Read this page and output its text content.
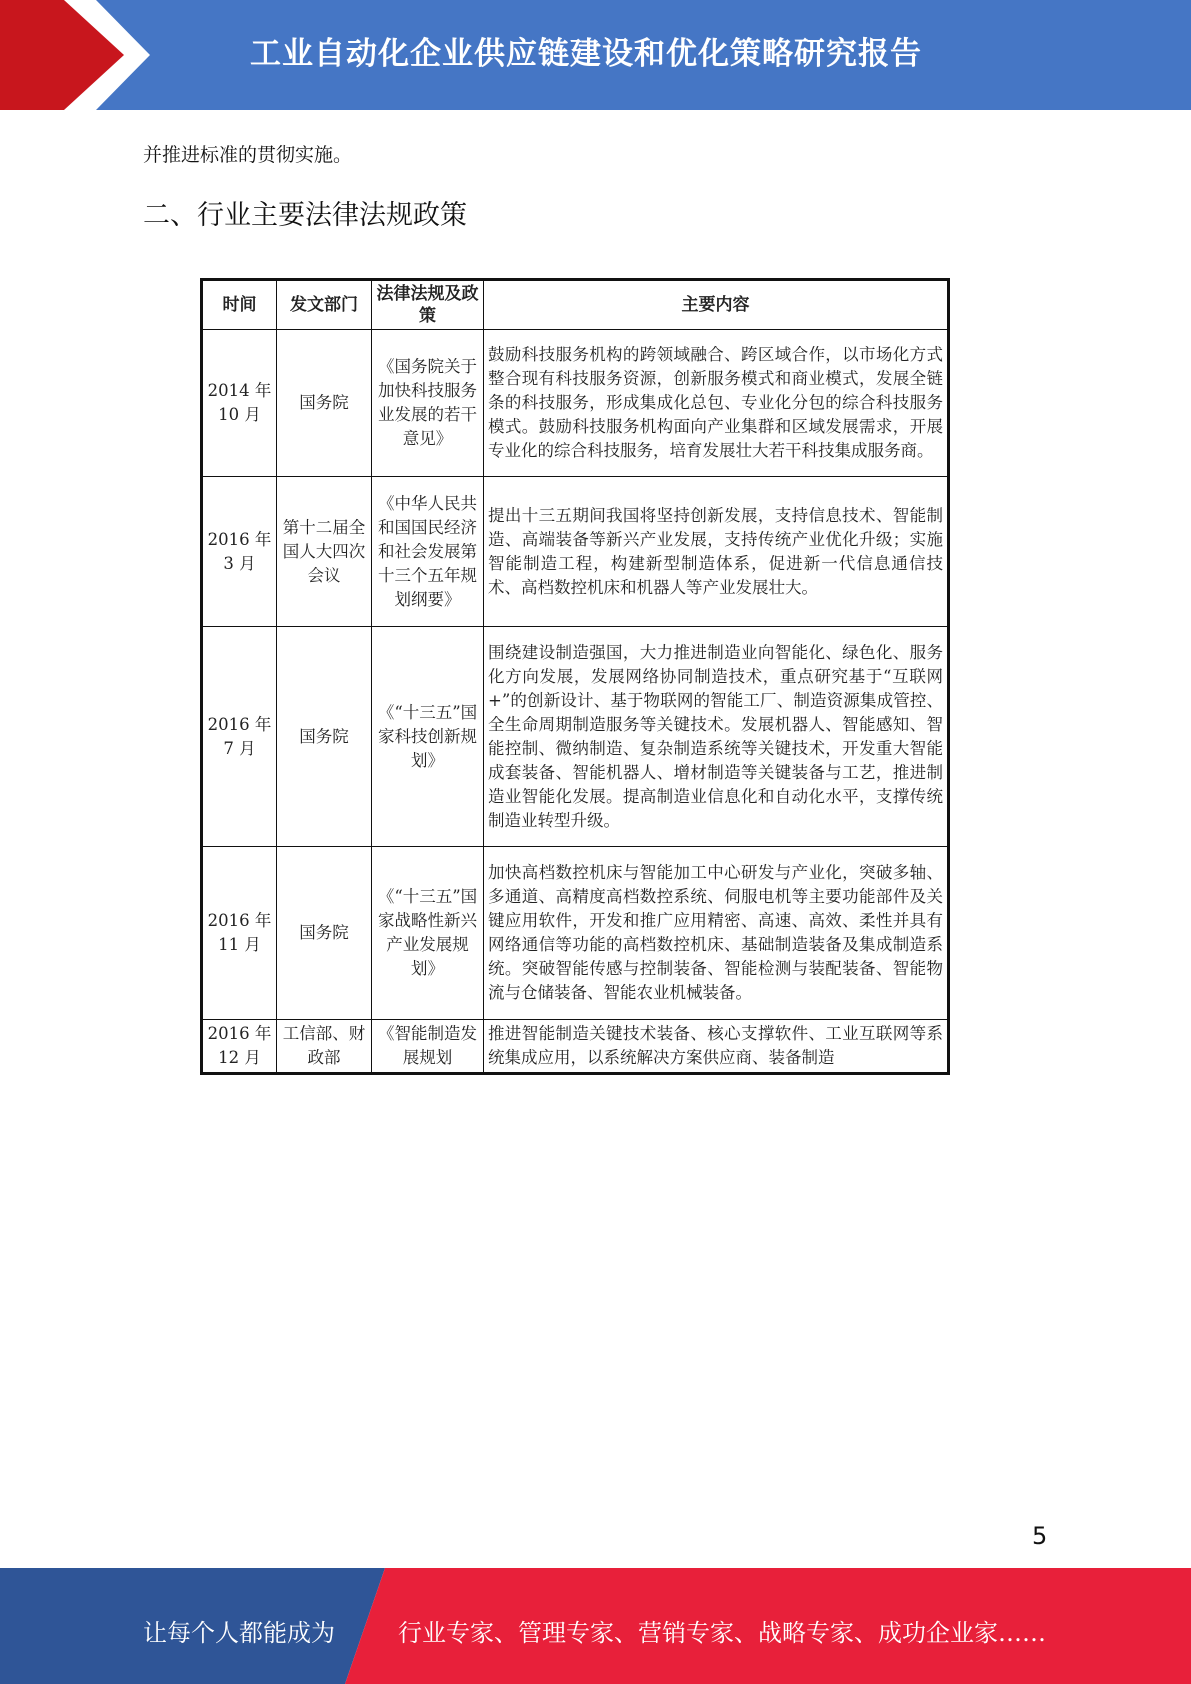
工业自动化企业供应链建设和优化策略研究报告
并推进标准的贯彻实施。
二、行业主要法律法规政策
时间	发文部门	法律法规及政策	主要内容
2014 年 10 月	国务院	《国务院关于加快科技服务业发展的若干意见》	鼓励科技服务机构的跨领域融合、跨区域合作，以市场化方式整合现有科技服务资源，创新服务模式和商业模式，发展全链条的科技服务，形成集成化总包、专业化分包的综合科技服务模式。鼓励科技服务机构面向产业集群和区域发展需求，开展专业化的综合科技服务，培育发展壮大若干科技集成服务商。
2016 年 3 月	第十二届全国人大四次会议	《中华人民共和国国民经济和社会发展第十三个五年规划纲要》	提出十三五期间我国将坚持创新发展，支持信息技术、智能制造、高端装备等新兴产业发展，支持传统产业优化升级；实施智能制造工程，构建新型制造体系，促进新一代信息通信技术、高档数控机床和机器人等产业发展壮大。
2016 年 7 月	国务院	《“十三五”国家科技创新规划》	围绕建设制造强国，大力推进制造业向智能化、绿色化、服务化方向发展，发展网络协同制造技术，重点研究基于“互联网+”的创新设计、基于物联网的智能工厂、制造资源集成管控、全生命周期制造服务等关键技术。发展机器人、智能感知、智能控制、微纳制造、复杂制造系统等关键技术，开发重大智能成套装备、智能机器人、增材制造等关键装备与工艺，推进制造业智能化发展。提高制造业信息化和自动化水平，支撑传统制造业转型升级。
2016 年 11 月	国务院	《“十三五”国家战略性新兴产业发展规划》	加快高档数控机床与智能加工中心研发与产业化，突破多轴、多通道、高精度高档数控系统、伺服电机等主要功能部件及关键应用软件，开发和推广应用精密、高速、高效、柔性并具有网络通信等功能的高档数控机床、基础制造装备及集成制造系统。突破智能传感与控制装备、智能检测与装配装备、智能物流与仓储装备、智能农业机械装备。
2016 年 12 月	工信部、财政部	《智能制造发展规划	推进智能制造关键技术装备、核心支撑软件、工业互联网等系统集成应用，以系统解决方案供应商、装备制造
5
让每个人都能成为	行业专家、管理专家、营销专家、战略专家、成功企业家……
